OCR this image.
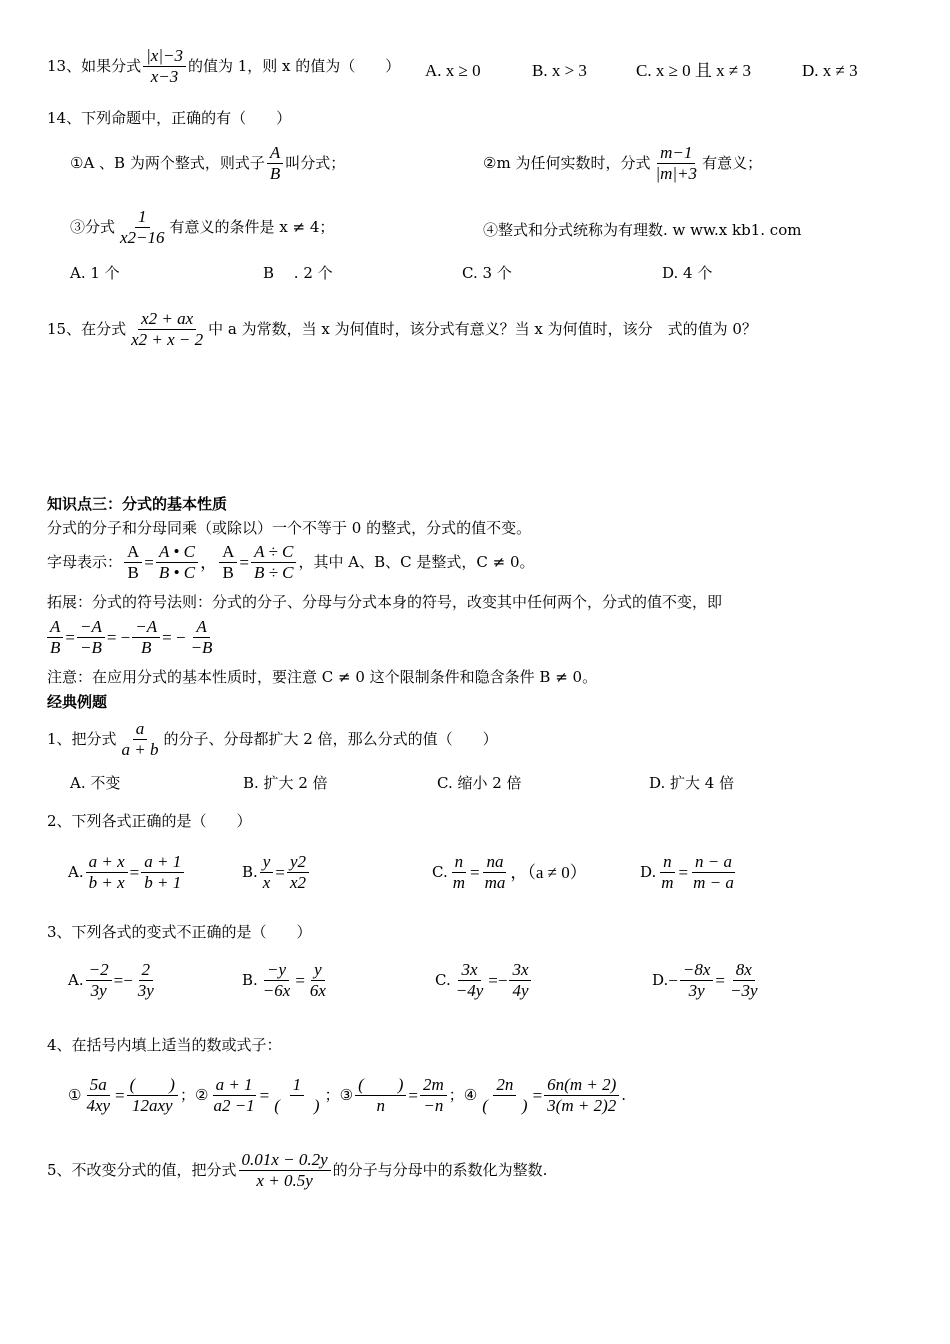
13、如果分式 $\frac{|x|-3}{x-3}$ 的值为 1，则 x 的值为（　　） A. x ≥ 0	B. x > 3	C. x ≥ 0 且 x ≠ 3	D. x ≠ 3
14、下列命题中，正确的有（　　）
①A 、B 为两个整式，则式子 $\frac{A}{B}$ 叫分式；	②m 为任何实数时，分式 $\frac{m-1}{|m|+3}$ 有意义；
③分式 $\frac{1}{x2-16}$ 有意义的条件是 x ≠ 4；	④整式和分式统称为有理数. w ww.x kb1. com
A. 1 个	B　 . 2 个	C. 3 个	D. 4 个
15、在分式 $\frac{x2 + ax}{x2 + x - 2}$ 中 a 为常数，当 x 为何值时，该分式有意义？当 x 为何值时，该分　式的值为 0？
知识点三：分式的基本性质
分式的分子和分母同乘（或除以）一个不等于 0 的整式，分式的值不变。
字母表示： $\frac{A}{B} = \frac{A • C}{B • C}$ ， $\frac{A}{B} = \frac{A \div C}{B \div C}$ ，其中 A、B、C 是整式，C ≠ 0。
拓展：分式的符号法则：分式的分子、分母与分式本身的符号，改变其中任何两个，分式的值不变，即
$\frac{A}{B} = \frac{-A}{-B}$ = − $\frac{-A}{B}$ = − $\frac{A}{-B}$
注意：在应用分式的基本性质时，要注意 C ≠ 0 这个限制条件和隐含条件 B ≠ 0。
经典例题
1、把分式 $\frac{a}{a + b}$ 的分子、分母都扩大 2 倍，那么分式的值（　　）
A. 不变	B. 扩大 2 倍	C. 缩小 2 倍	D. 扩大 4 倍
2、下列各式正确的是（　　）
A. $\frac{a + x}{b + x} = \frac{a + 1}{b + 1}$	B. $\frac{y}{x} = \frac{y2}{x2}$	C. $\frac{n}{m} = \frac{na}{ma}$ ，（a ≠ 0）	D. $\frac{n}{m} = \frac{n - a}{m - a}$
3、下列各式的变式不正确的是（　　）
A. $\frac{-2}{3y}$ = − $\frac{2}{3y}$	B. $\frac{-y}{-6x} = \frac{y}{6x}$	C. $\frac{3x}{-4y}$ = − $\frac{3x}{4y}$	D. − $\frac{-8x}{3y} = \frac{8x}{-3y}$
4、在括号内填上适当的数或式子：
① $\frac{5a}{4xy}$ =
(　　)
12axy
； ② $\frac{a + 1}{a2 -1}$ =
1
(　　)
； ③
(　　)
n
= $\frac{2m}{-n}$ ； ④
2n
(　　)
= $\frac{6n(m + 2)}{3(m + 2)2}$ .
5、不改变分式的值，把分式 $\frac{0.01x - 0.2y}{x + 0.5y}$ 的分子与分母中的系数化为整数.
